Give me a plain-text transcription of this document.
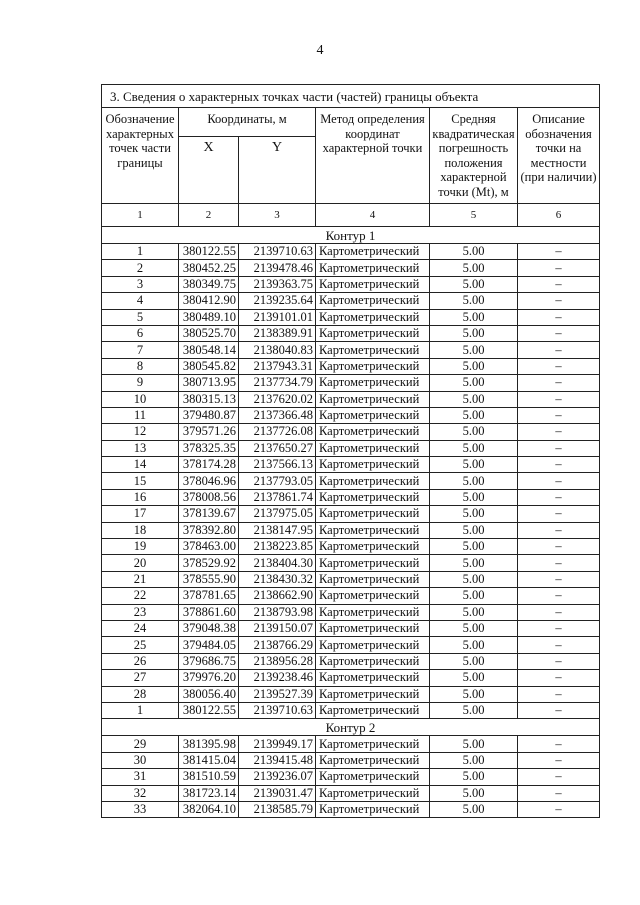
4
3. Сведения о характерных точках части (частей) границы объекта					
Обозначение характерных точек части границы	Координаты, м		Метод определения координат характерной точки	Средняя квадратическая погрешность положения характерной точки (Mt), м	Описание обозначения точки на местности (при наличии)
	X	Y			
1	2	3	4	5	6
Контур 1					
1	380122.55	2139710.63	Картометрический	5.00	–
2	380452.25	2139478.46	Картометрический	5.00	–
3	380349.75	2139363.75	Картометрический	5.00	–
4	380412.90	2139235.64	Картометрический	5.00	–
5	380489.10	2139101.01	Картометрический	5.00	–
6	380525.70	2138389.91	Картометрический	5.00	–
7	380548.14	2138040.83	Картометрический	5.00	–
8	380545.82	2137943.31	Картометрический	5.00	–
9	380713.95	2137734.79	Картометрический	5.00	–
10	380315.13	2137620.02	Картометрический	5.00	–
11	379480.87	2137366.48	Картометрический	5.00	–
12	379571.26	2137726.08	Картометрический	5.00	–
13	378325.35	2137650.27	Картометрический	5.00	–
14	378174.28	2137566.13	Картометрический	5.00	–
15	378046.96	2137793.05	Картометрический	5.00	–
16	378008.56	2137861.74	Картометрический	5.00	–
17	378139.67	2137975.05	Картометрический	5.00	–
18	378392.80	2138147.95	Картометрический	5.00	–
19	378463.00	2138223.85	Картометрический	5.00	–
20	378529.92	2138404.30	Картометрический	5.00	–
21	378555.90	2138430.32	Картометрический	5.00	–
22	378781.65	2138662.90	Картометрический	5.00	–
23	378861.60	2138793.98	Картометрический	5.00	–
24	379048.38	2139150.07	Картометрический	5.00	–
25	379484.05	2138766.29	Картометрический	5.00	–
26	379686.75	2138956.28	Картометрический	5.00	–
27	379976.20	2139238.46	Картометрический	5.00	–
28	380056.40	2139527.39	Картометрический	5.00	–
1	380122.55	2139710.63	Картометрический	5.00	–
Контур 2					
29	381395.98	2139949.17	Картометрический	5.00	–
30	381415.04	2139415.48	Картометрический	5.00	–
31	381510.59	2139236.07	Картометрический	5.00	–
32	381723.14	2139031.47	Картометрический	5.00	–
33	382064.10	2138585.79	Картометрический	5.00	–
